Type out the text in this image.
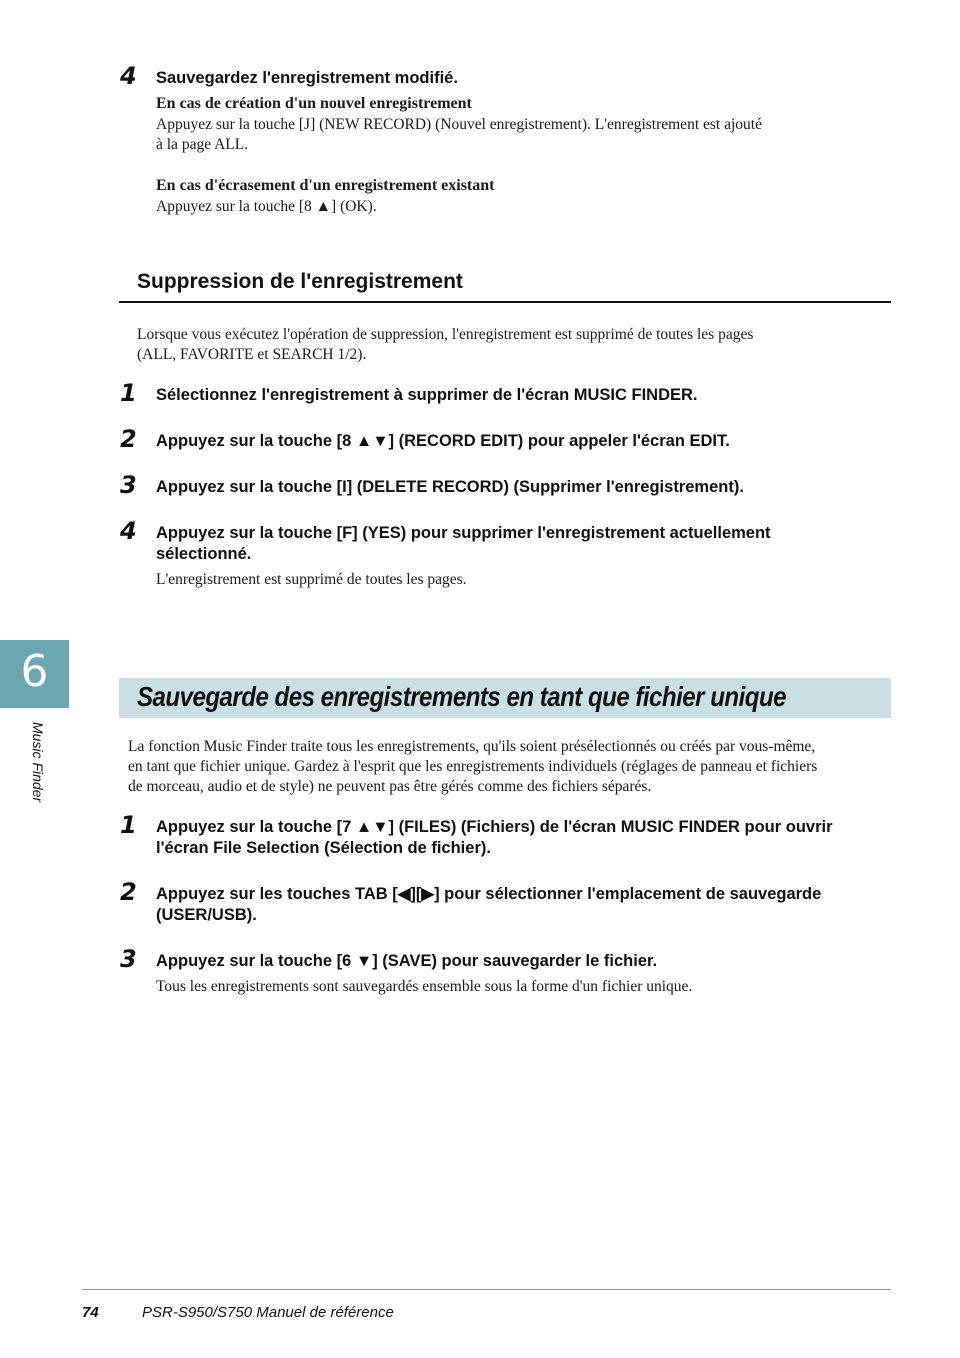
4 Sauvegardez l'enregistrement modifié.
En cas de création d'un nouvel enregistrement
Appuyez sur la touche [J] (NEW RECORD) (Nouvel enregistrement). L'enregistrement est ajouté
à la page ALL.
En cas d'écrasement d'un enregistrement existant
Appuyez sur la touche [8 ▲] (OK).
Suppression de l'enregistrement
Lorsque vous exécutez l'opération de suppression, l'enregistrement est supprimé de toutes les pages
(ALL, FAVORITE et SEARCH 1/2).
1 Sélectionnez l'enregistrement à supprimer de l'écran MUSIC FINDER.
2 Appuyez sur la touche [8 ▲▼] (RECORD EDIT) pour appeler l'écran EDIT.
3 Appuyez sur la touche [I] (DELETE RECORD) (Supprimer l'enregistrement).
4 Appuyez sur la touche [F] (YES) pour supprimer l'enregistrement actuellement
sélectionné.
L'enregistrement est supprimé de toutes les pages.
6
Music Finder
Sauvegarde des enregistrements en tant que fichier unique
La fonction Music Finder traite tous les enregistrements, qu'ils soient présélectionnés ou créés par vous-même,
en tant que fichier unique. Gardez à l'esprit que les enregistrements individuels (réglages de panneau et fichiers
de morceau, audio et de style) ne peuvent pas être gérés comme des fichiers séparés.
1 Appuyez sur la touche [7 ▲▼] (FILES) (Fichiers) de l'écran MUSIC FINDER pour ouvrir
l'écran File Selection (Sélection de fichier).
2 Appuyez sur les touches TAB [◀][▶] pour sélectionner l'emplacement de sauvegarde
(USER/USB).
3 Appuyez sur la touche [6 ▼] (SAVE) pour sauvegarder le fichier.
Tous les enregistrements sont sauvegardés ensemble sous la forme d'un fichier unique.
74	PSR-S950/S750 Manuel de référence
